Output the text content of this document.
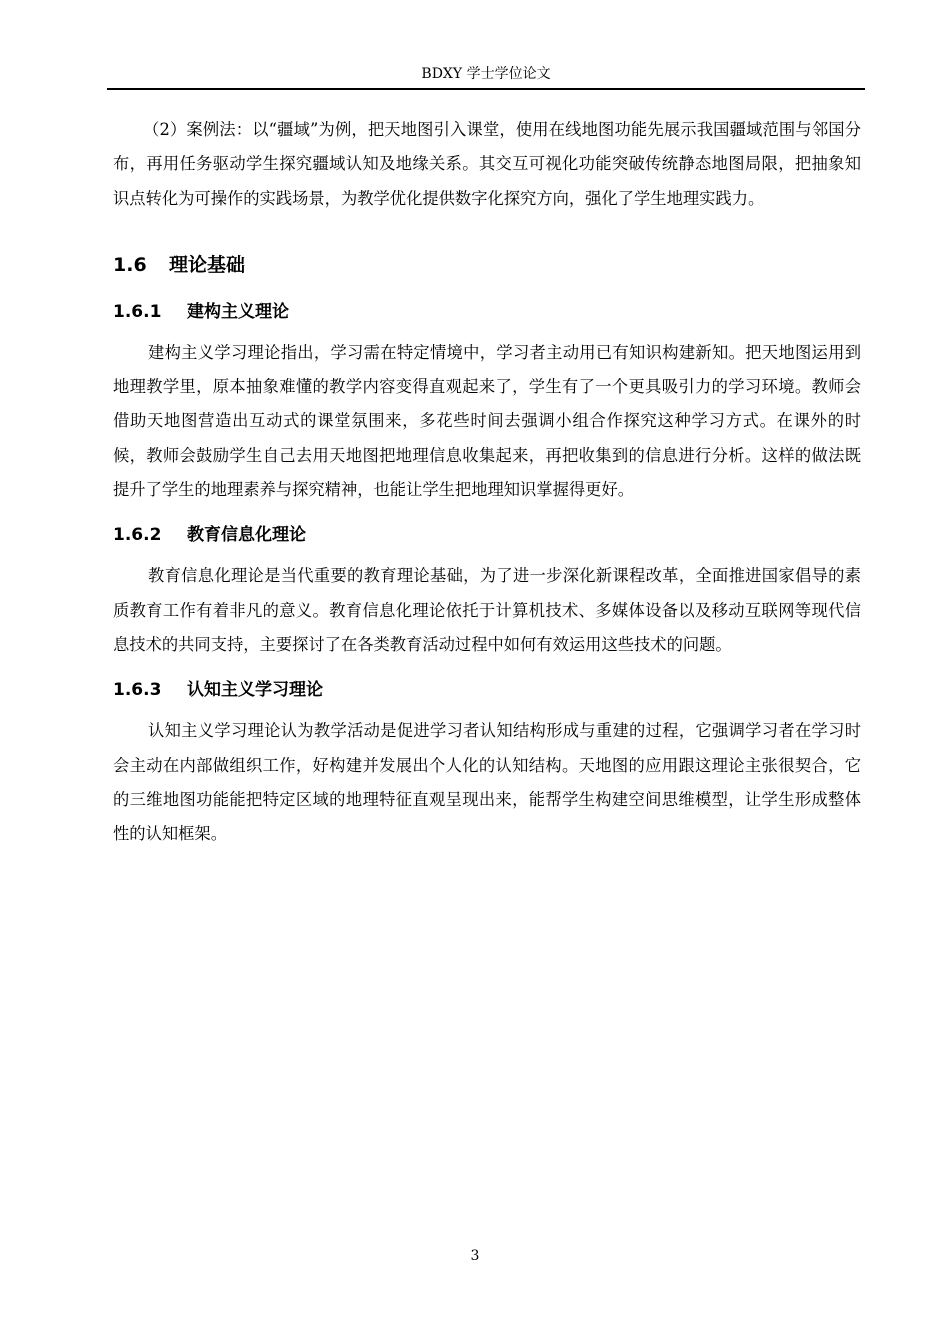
BDXY 学士学位论文

（2）案例法：以“疆域”为例，把天地图引入课堂，使用在线地图功能先展示我国疆域范围与邻国分布，再用任务驱动学生探究疆域认知及地缘关系。其交互可视化功能突破传统静态地图局限，把抽象知识点转化为可操作的实践场景，为教学优化提供数字化探究方向，强化了学生地理实践力。

1.6	理论基础
1.6.1	建构主义理论

建构主义学习理论指出，学习需在特定情境中，学习者主动用已有知识构建新知。把天地图运用到地理教学里，原本抽象难懂的教学内容变得直观起来了，学生有了一个更具吸引力的学习环境。教师会借助天地图营造出互动式的课堂氛围来，多花些时间去强调小组合作探究这种学习方式。在课外的时候，教师会鼓励学生自己去用天地图把地理信息收集起来，再把收集到的信息进行分析。这样的做法既提升了学生的地理素养与探究精神，也能让学生把地理知识掌握得更好。

1.6.2	教育信息化理论

教育信息化理论是当代重要的教育理论基础，为了进一步深化新课程改革，全面推进国家倡导的素质教育工作有着非凡的意义。教育信息化理论依托于计算机技术、多媒体设备以及移动互联网等现代信息技术的共同支持，主要探讨了在各类教育活动过程中如何有效运用这些技术的问题。

1.6.3	认知主义学习理论

认知主义学习理论认为教学活动是促进学习者认知结构形成与重建的过程，它强调学习者在学习时会主动在内部做组织工作，好构建并发展出个人化的认知结构。天地图的应用跟这理论主张很契合，它的三维地图功能能把特定区域的地理特征直观呈现出来，能帮学生构建空间思维模型，让学生形成整体性的认知框架。

3
